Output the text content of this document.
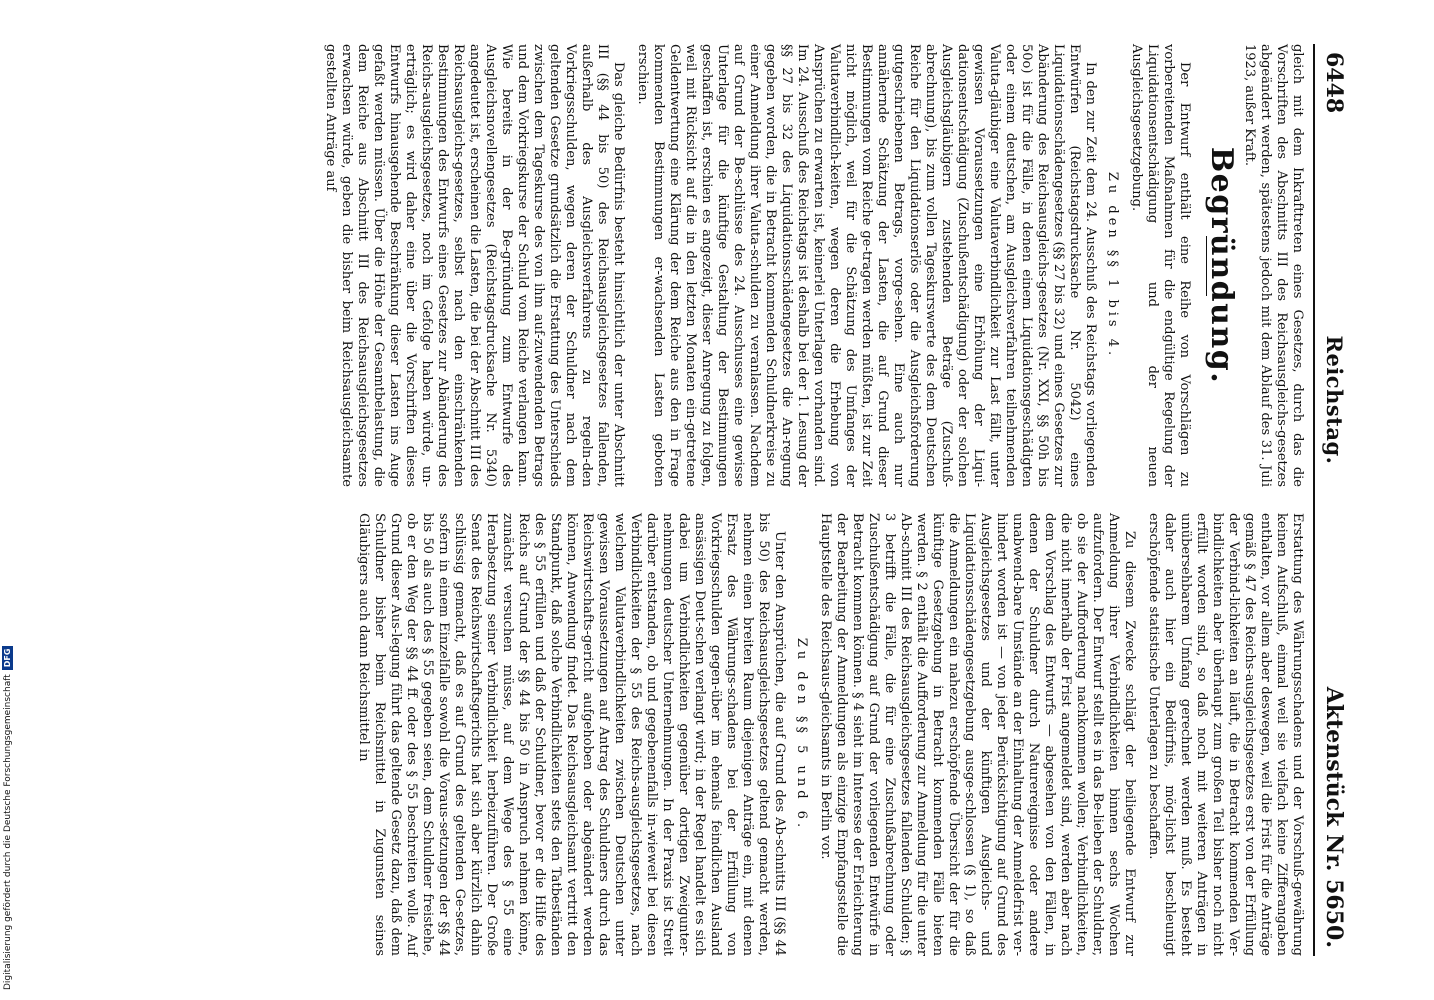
6448
Reichstag.
Aktenstück Nr. 5650.

gleich mit dem Inkrafttreten eines Gesetzes, durch das die Vorschriften des Abschnitts III des Reichsausgleichs-gesetzes abgeändert werden, spätestens jedoch mit dem Ablauf des 31. Juli 1923, außer Kraft.

Begründung.

Der Entwurf enthält eine Reihe von Vorschlägen zu vorbereitenden Maßnahmen für die endgültige Regelung der Liquidationsentschädigung und der neuen Ausgleichsgesetzgebung.

Zu den §§ 1 bis 4.

In den zur Zeit dem 24. Ausschuß des Reichstags vorliegenden Entwürfen (Reichstagsdrucksache Nr. 5042) eines Liquidationsschädengesetzes (§§ 27 bis 32) und eines Gesetzes zur Abänderung des Reichsausgleichs-gesetzes (Nr. XXI, §§ 50h bis 50o) ist für die Fälle, in denen einem Liquidationsgeschädigten oder einem deutschen, am Ausgleichsverfahren teilnehmenden Valuta-gläubiger eine Valutaverbindlichkeit zur Last fällt, unter gewissen Voraussetzungen eine Erhöhung der Liqui-dationsentschädigung (Zuschußentschädigung) oder der solchen Ausgleichsgläubigern zustehenden Beträge (Zuschuß-abrechnung), bis zum vollen Tageskurswerte des dem Deutschen Reiche für den Liquidationserlös oder die Ausgleichsforderung gutgeschriebenen Betrags, vorge-sehen. Eine auch nur annähernde Schätzung der Lasten, die auf Grund dieser Bestimmungen vom Reiche ge-tragen werden müßten, ist zur Zeit nicht möglich, weil für die Schätzung des Umfanges der Valutaverbindlich-keiten, wegen deren die Erhebung von Ansprüchen zu erwarten ist, keinerlei Unterlagen vorhanden sind. Im 24. Ausschuß des Reichstags ist deshalb bei der 1. Lesung der §§ 27 bis 32 des Liquidationsschädengesetzes die An-regung gegeben worden, die in Betracht kommenden Schuldnerkreise zu einer Anmeldung ihrer Valuta-schulden zu veranlassen. Nachdem auf Grund der Be-schlüsse des 24. Ausschusses eine gewisse Unterlage für die künftige Gestaltung der Bestimmungen geschaffen ist, erschien es angezeigt, dieser Anregung zu folgen, weil mit Rücksicht auf die in den letzten Monaten ein-getretene Geldentwertung eine Klärung der dem Reiche aus den in Frage kommenden Bestimmungen er-wachsenden Lasten geboten erschien.

Das gleiche Bedürfnis besteht hinsichtlich der unter Abschnitt III (§§ 44 bis 50) des Reichsausgleichsgesetzes fallenden, außerhalb des Ausgleichsverfahrens zu regeln-den Vorkriegsschulden, wegen deren der Schuldner nach dem geltenden Gesetze grundsätzlich die Erstattung des Unterschieds zwischen dem Tageskurse des von ihm auf-zuwendenden Betrags und dem Vorkriegskurse der Schuld vom Reiche verlangen kann. Wie bereits in der Be-gründung zum Entwurfe des Ausgleichsnovellengesetzes (Reichstagsdrucksache Nr. 5340) angedeutet ist, erscheinen die Lasten, die bei der Abschnitt III des Reichsausgleichs-gesetzes, selbst nach den einschränkenden Bestimmungen des Entwurfs eines Gesetzes zur Abänderung des Reichs-ausgleichsgesetzes, noch im Gefolge haben würde, un-erträglich; es wird daher eine über die Vorschriften dieses Entwurfs hinausgehende Beschränkung dieser Lasten ins Auge gefaßt werden müssen. Über die Höhe der Gesamtbelastung, die dem Reiche aus Abschnitt III des Reichsausgleichsgesetzes erwachsen würde, geben die bisher beim Reichsausgleichsamte gestellten Anträge auf

Erstattung des Währungsschadens und der Vorschuß-gewährung keinen Aufschluß, einmal weil sie vielfach keine Zifferangaben enthalten, vor allem aber deswegen, weil die Frist für die Anträge gemäß § 47 des Reichs-ausgleichsgesetzes erst von der Erfüllung der Verbind-lichkeiten an läuft, die in Betracht kommenden Ver-bindlichkeiten aber überhaupt zum großen Teil bisher noch nicht erfüllt worden sind, so daß noch mit weiteren Anträgen in unübersehbarem Umfang gerechnet werden muß. Es besteht daher auch hier ein Bedürfnis, mög-lichst beschleunigt erschöpfende statistische Unterlagen zu beschaffen.

Zu diesem Zwecke schlägt der beiliegende Entwurf zur Anmeldung ihrer Verbindlichkeiten binnen sechs Wochen aufzufordern. Der Entwurf stellt es in das Be-lieben der Schuldner, ob sie der Aufforderung nachkommen wollen; Verbindlichkeiten, die nicht innerhalb der Frist angemeldet sind, werden aber nach dem Vorschlag des Entwurfs — abgesehen von den Fällen, in denen der Schuldner durch Naturereignisse oder andere unabwend-bare Umstände an der Einhaltung der Anmeldefrist ver-hindert worden ist — von jeder Berücksichtigung auf Grund des Ausgleichsgesetzes und der künftigen Ausgleichs- und Liquidationsschädengesetzgebung ausge-schlossen (§ 1), so daß die Anmeldungen ein nahezu erschöpfende Übersicht der für die künftige Gesetzgebung in Betracht kommenden Fälle bieten werden. § 2 enthält die Aufforderung zur Anmeldung für die unter Ab-schnitt III des Reichsausgleichsgesetzes fallenden Schulden; § 3 betrifft die Fälle, die für eine Zuschußabrechnung oder Zuschußentschädigung auf Grund der vorliegenden Entwürfe in Betracht kommen können. § 4 sieht im Interesse der Erleichterung der Bearbeitung der Anmeldungen als einzige Empfangsstelle die Hauptstelle des Reichsaus-gleichsamts in Berlin vor.

Zu den §§ 5 und 6.

Unter den Ansprüchen, die auf Grund des Ab-schnitts III (§§ 44 bis 50) des Reichsausgleichsgesetzes geltend gemacht werden, nehmen einen breiten Raum diejenigen Anträge ein, mit denen Ersatz des Währungs-schadens bei der Erfüllung von Vorkriegsschulden gegen-über im ehemals feindlichen Ausland ansässigen Deut-schen verlangt wird; in der Regel handelt es sich dabei um Verbindlichkeiten gegenüber dortigen Zweigunter-nehmungen deutscher Unternehmungen. In der Praxis ist Streit darüber entstanden, ob und gegebenenfalls in-wieweit bei diesen Verbindlichkeiten der § 55 des Reichs-ausgleichsgesetzes, nach welchem Valutaverbindlichkeiten zwischen Deutschen unter gewissen Voraussetzungen auf Antrag des Schuldners durch das Reichswirtschafts-gericht aufgehoben oder abgeändert werden können, Anwendung findet. Das Reichsausgleichsamt vertritt den Standpunkt, daß solche Verbindlichkeiten stets den Tatbeständen des § 55 erfüllen und daß der Schuldner, bevor er die Hilfe des Reichs auf Grund der §§ 44 bis 50 in Anspruch nehmen könne, zunächst versuchen müsse, auf dem Wege des § 55 eine Herabsetzung seiner Verbindlichkeit herbeizuführen. Der Große Senat des Reichswirtschaftsgerichts hat sich aber kürzlich dahin schlüssig gemacht, daß es auf Grund des geltenden Ge-setzes, sofern in einem Einzelfalle sowohl die Voraus-setzungen der §§ 44 bis 50 als auch des § 55 gegeben seien, dem Schuldner freistehe, ob er den Weg der §§ 44 ff. oder des § 55 beschreiten wolle. Auf Grund dieser Aus-legung führt das geltende Gesetz dazu, daß dem Schuldner bisher beim Reichsmittel in Zugunsten seines Gläubigers auch dann Reichsmittel in

Digitalisierung gefördert durch die Deutsche Forschungsgemeinschaft
DFG
